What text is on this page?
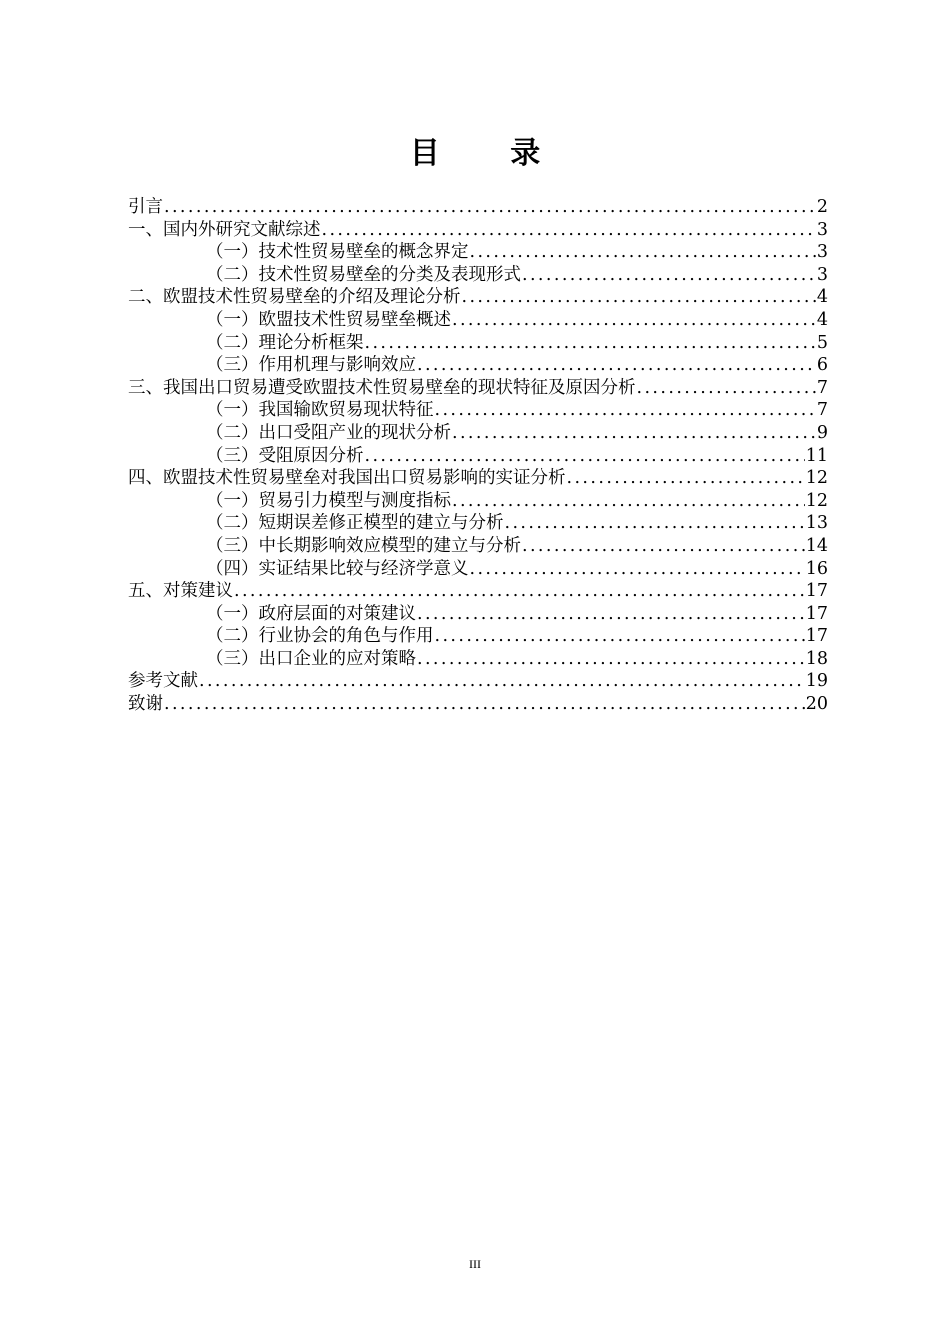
目 录
引言 .....	2
一、 国内外研究文献综述 .....	3
（一） 技术性贸易壁垒的概念界定 .....	3
（二） 技术性贸易壁垒的分类及表现形式 .....	3
二、 欧盟技术性贸易壁垒的介绍及理论分析 .....	4
（一） 欧盟技术性贸易壁垒概述 .....	4
（二） 理论分析框架 .....	5
（三） 作用机理与影响效应 .....	6
三、 我国出口贸易遭受欧盟技术性贸易壁垒的现状特征及原因分析 .....	7
（一） 我国输欧贸易现状特征 .....	7
（二） 出口受阻产业的现状分析 .....	9
（三） 受阻原因分析 .....	11
四、 欧盟技术性贸易壁垒对我国出口贸易影响的实证分析 .....	12
（一） 贸易引力模型与测度指标 .....	12
（二） 短期误差修正模型的建立与分析 .....	13
（三） 中长期影响效应模型的建立与分析 .....	14
（四） 实证结果比较与经济学意义 .....	16
五、 对策建议 .....	17
（一） 政府层面的对策建议 .....	17
（二） 行业协会的角色与作用 .....	17
（三） 出口企业的应对策略 .....	18
参考文献 .....	19
致谢 .....	20
III
